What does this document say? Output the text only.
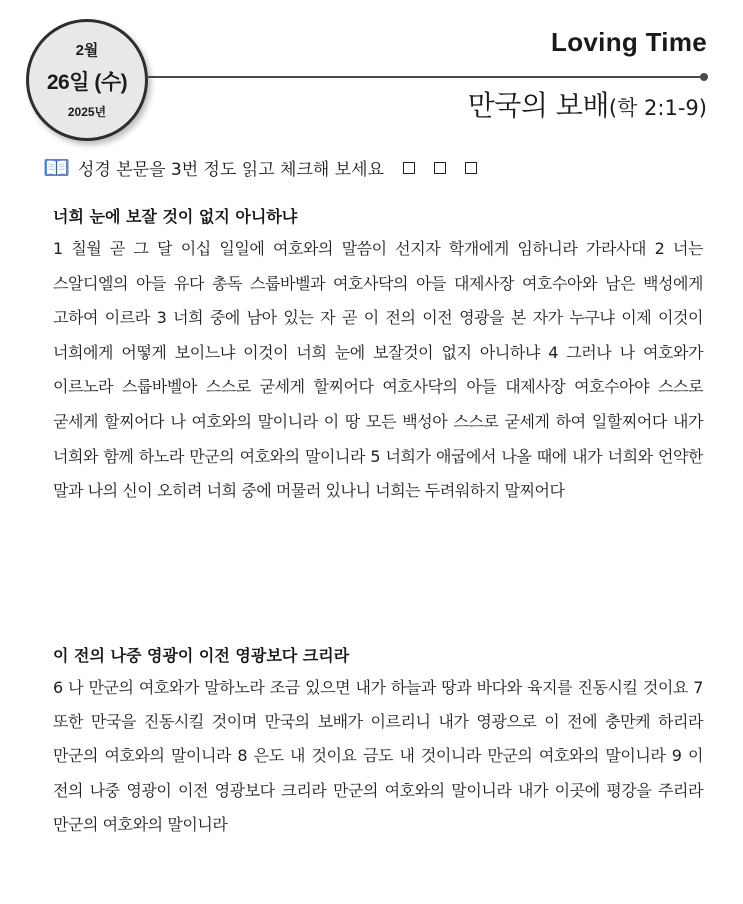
2월
26일 (수)
2025년
Loving Time
만국의 보배(학 2:1-9)
성경 본문을 3번 정도 읽고 체크해 보세요
너희 눈에 보잘 것이 없지 아니하냐
1 칠월 곧 그 달 이십 일일에 여호와의 말씀이 선지자 학개에게 임하니라 가라사대 2 너는 스알디엘의 아들 유다 총독 스룹바벨과 여호사닥의 아들 대제사장 여호수아와 남은 백성에게 고하여 이르라 3 너희 중에 남아 있는 자 곧 이 전의 이전 영광을 본 자가 누구냐 이제 이것이 너희에게 어떻게 보이느냐 이것이 너희 눈에 보잘것이 없지 아니하냐 4 그러나 나 여호와가 이르노라 스룹바벨아 스스로 굳세게 할찌어다 여호사닥의 아들 대제사장 여호수아야 스스로 굳세게 할찌어다 나 여호와의 말이니라 이 땅 모든 백성아 스스로 굳세게 하여 일할찌어다 내가 너희와 함께 하노라 만군의 여호와의 말이니라 5 너희가 애굽에서 나올 때에 내가 너희와 언약한 말과 나의 신이 오히려 너희 중에 머물러 있나니 너희는 두려워하지 말찌어다
이 전의 나중 영광이 이전 영광보다 크리라
6 나 만군의 여호와가 말하노라 조금 있으면 내가 하늘과 땅과 바다와 육지를 진동시킬 것이요 7 또한 만국을 진동시킬 것이며 만국의 보배가 이르리니 내가 영광으로 이 전에 충만케 하리라 만군의 여호와의 말이니라 8 은도 내 것이요 금도 내 것이니라 만군의 여호와의 말이니라 9 이 전의 나중 영광이 이전 영광보다 크리라 만군의 여호와의 말이니라 내가 이곳에 평강을 주리라 만군의 여호와의 말이니라
